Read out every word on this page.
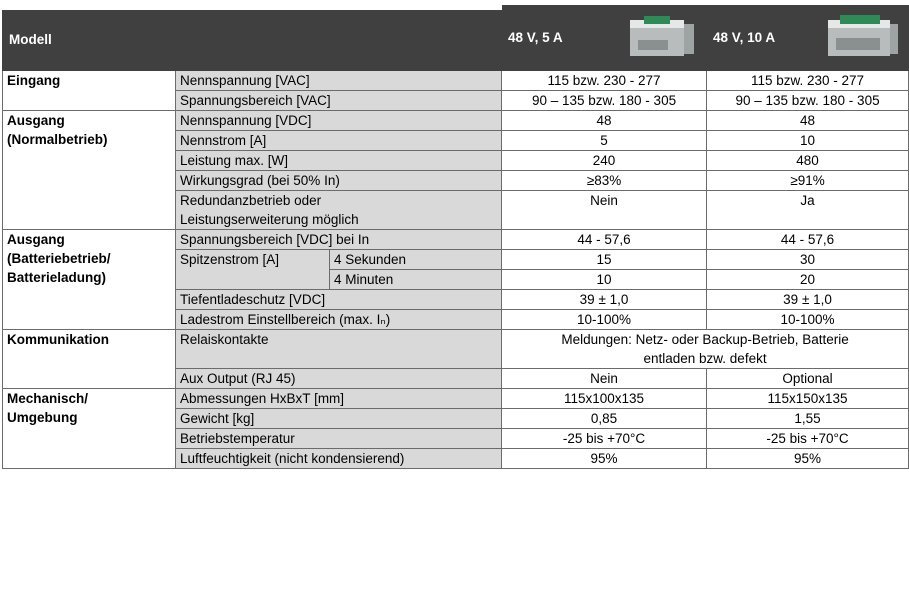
Modell			48 V, 5 A	48 V, 10 A

Eingang	Nennspannung [VAC]		115 bzw. 230 - 277	115 bzw. 230 - 277
	Spannungsbereich [VAC]		90 – 135 bzw. 180 - 305	90 – 135 bzw. 180 - 305

Ausgang
(Normalbetrieb)	Nennspannung [VDC]		48	48
	Nennstrom [A]		5	10
	Leistung max. [W]		240	480
	Wirkungsgrad (bei 50% In)		≥83%	≥91%

	Redundanzbetrieb oder
Leistungserweiterung möglich		Nein	Ja

Ausgang
(Batteriebetrieb/
Batterieladung)	Spannungsbereich [VDC] bei In		44 - 57,6	44 - 57,6
	Spitzenstrom [A]	4 Sekunden	15	30
		4 Minuten	10	20
	Tiefentladeschutz [VDC]		39 ± 1,0	39 ± 1,0
	Ladestrom Einstellbereich (max. Iₙ)		10-100%	10-100%
Kommunikation	Relaiskontakte		Meldungen: Netz- oder Backup-Betrieb, Batterie
entladen bzw. defekt	

	Aux Output (RJ 45)		Nein	Optional

Mechanisch/
Umgebung	Abmessungen HxBxT [mm]		115x100x135	115x150x135
	Gewicht [kg]		0,85	1,55
	Betriebstemperatur		-25 bis +70°C	-25 bis +70°C
	Luftfeuchtigkeit (nicht kondensierend)		95%	95%
